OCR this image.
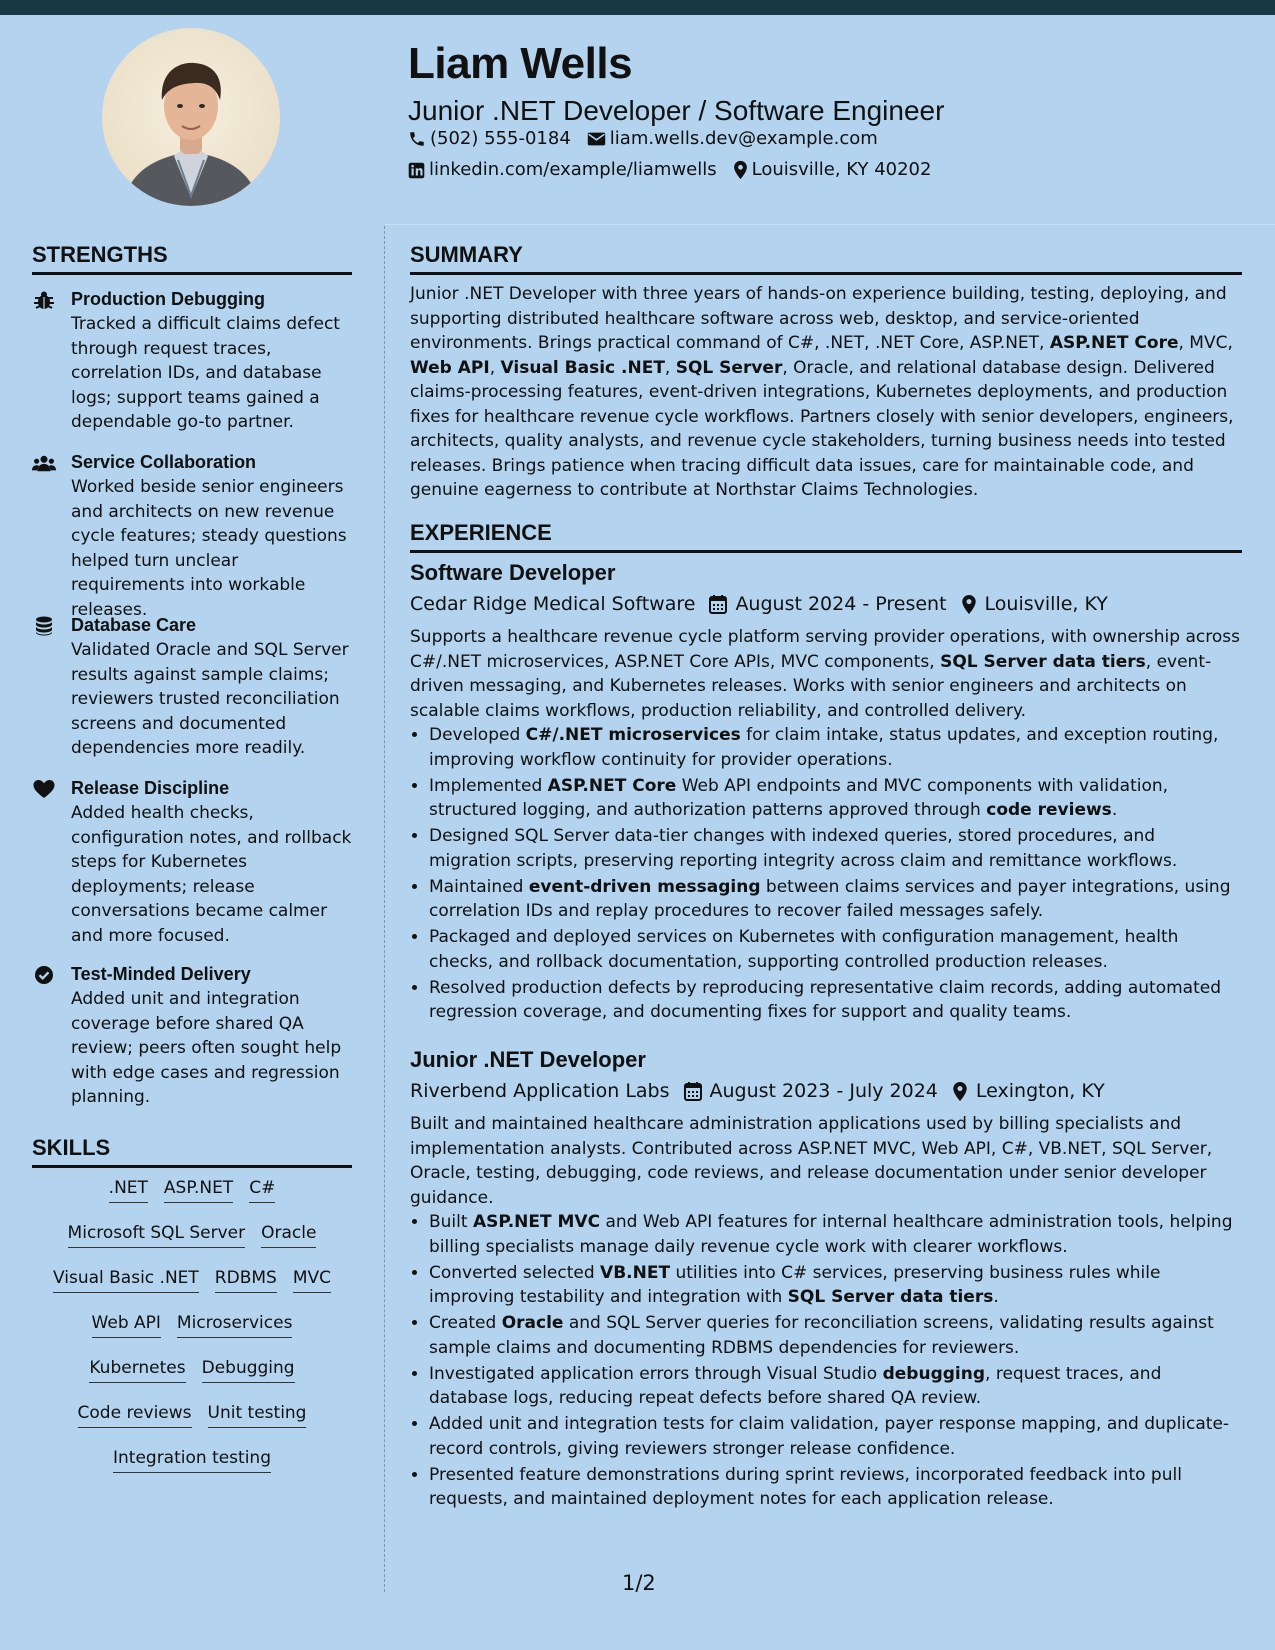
Liam Wells

Junior .NET Developer / Software Engineer

(502) 555-0184 liam.wells.dev@example.com
linkedin.com/example/liamwells Louisville, KY 40202
STRENGTHS

Production Debugging

Tracked a difficult claims defect through request traces, correlation IDs, and database logs; support teams gained a dependable go-to partner.

Service Collaboration

Worked beside senior engineers and architects on new revenue cycle features; steady questions helped turn unclear requirements into workable releases.

Database Care

Validated Oracle and SQL Server results against sample claims; reviewers trusted reconciliation screens and documented dependencies more readily.

Release Discipline

Added health checks, configuration notes, and rollback steps for Kubernetes deployments; release conversations became calmer and more focused.

Test-Minded Delivery

Added unit and integration coverage before shared QA review; peers often sought help with edge cases and regression planning.

SKILLS
.NET ASP.NET C#
Microsoft SQL Server Oracle
Visual Basic .NET RDBMS MVC
Web API Microservices
Kubernetes Debugging
Code reviews Unit testing
Integration testing
SUMMARY

Junior .NET Developer with three years of hands-on experience building, testing, deploying, and supporting distributed healthcare software across web, desktop, and service-oriented environments. Brings practical command of C#, .NET, .NET Core, ASP.NET, ASP.NET Core, MVC, Web API, Visual Basic .NET, SQL Server, Oracle, and relational database design. Delivered claims-processing features, event-driven integrations, Kubernetes deployments, and production fixes for healthcare revenue cycle workflows. Partners closely with senior developers, engineers, architects, quality analysts, and revenue cycle stakeholders, turning business needs into tested releases. Brings patience when tracing difficult data issues, care for maintainable code, and genuine eagerness to contribute at Northstar Claims Technologies.

EXPERIENCE

Software Developer

Cedar Ridge Medical Software August 2024 - Present Louisville, KY

Supports a healthcare revenue cycle platform serving provider operations, with ownership across C#/.NET microservices, ASP.NET Core APIs, MVC components, SQL Server data tiers, event-driven messaging, and Kubernetes releases. Works with senior engineers and architects on scalable claims workflows, production reliability, and controlled delivery.

• Developed C#/.NET microservices for claim intake, status updates, and exception routing, improving workflow continuity for provider operations.
• Implemented ASP.NET Core Web API endpoints and MVC components with validation, structured logging, and authorization patterns approved through code reviews.
• Designed SQL Server data-tier changes with indexed queries, stored procedures, and migration scripts, preserving reporting integrity across claim and remittance workflows.
• Maintained event-driven messaging between claims services and payer integrations, using correlation IDs and replay procedures to recover failed messages safely.
• Packaged and deployed services on Kubernetes with configuration management, health checks, and rollback documentation, supporting controlled production releases.
• Resolved production defects by reproducing representative claim records, adding automated regression coverage, and documenting fixes for support and quality teams.

Junior .NET Developer

Riverbend Application Labs August 2023 - July 2024 Lexington, KY

Built and maintained healthcare administration applications used by billing specialists and implementation analysts. Contributed across ASP.NET MVC, Web API, C#, VB.NET, SQL Server, Oracle, testing, debugging, code reviews, and release documentation under senior developer guidance.

• Built ASP.NET MVC and Web API features for internal healthcare administration tools, helping billing specialists manage daily revenue cycle work with clearer workflows.
• Converted selected VB.NET utilities into C# services, preserving business rules while improving testability and integration with SQL Server data tiers.
• Created Oracle and SQL Server queries for reconciliation screens, validating results against sample claims and documenting RDBMS dependencies for reviewers.
• Investigated application errors through Visual Studio debugging, request traces, and database logs, reducing repeat defects before shared QA review.
• Added unit and integration tests for claim validation, payer response mapping, and duplicate-record controls, giving reviewers stronger release confidence.
• Presented feature demonstrations during sprint reviews, incorporated feedback into pull requests, and maintained deployment notes for each application release.
1/2
